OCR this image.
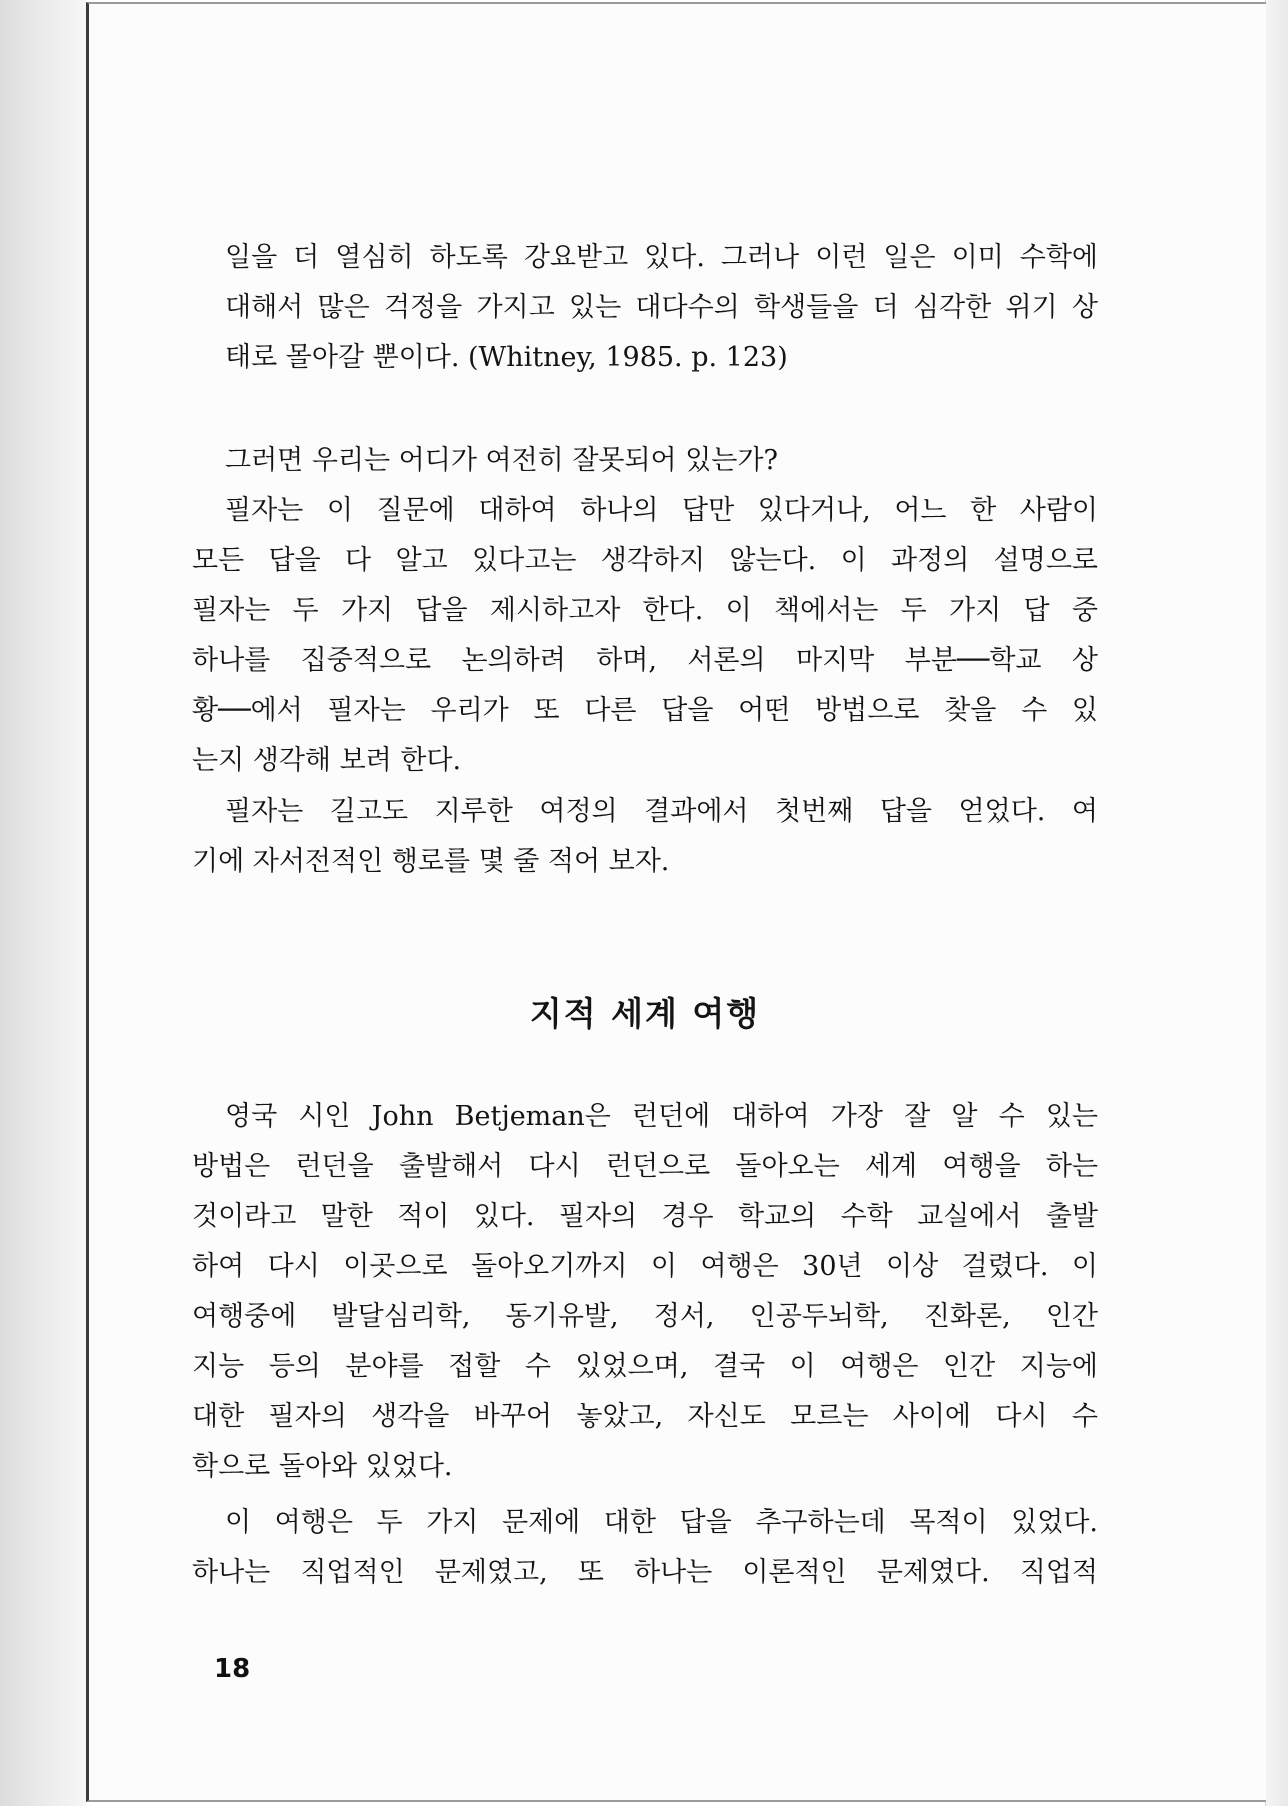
일을 더 열심히 하도록 강요받고 있다. 그러나 이런 일은 이미 수학에

대해서 많은 걱정을 가지고 있는 대다수의 학생들을 더 심각한 위기 상

태로 몰아갈 뿐이다. (Whitney, 1985. p. 123)

그러면 우리는 어디가 여전히 잘못되어 있는가?

필자는 이 질문에 대하여 하나의 답만 있다거나, 어느 한 사람이

모든 답을 다 알고 있다고는 생각하지 않는다. 이 과정의 설명으로

필자는 두 가지 답을 제시하고자 한다. 이 책에서는 두 가지 답 중

하나를 집중적으로 논의하려 하며, 서론의 마지막 부분──학교 상

황──에서 필자는 우리가 또 다른 답을 어떤 방법으로 찾을 수 있

는지 생각해 보려 한다.

필자는 길고도 지루한 여정의 결과에서 첫번째 답을 얻었다. 여

기에 자서전적인 행로를 몇 줄 적어 보자.

지적 세계 여행

영국 시인 John Betjeman은 런던에 대하여 가장 잘 알 수 있는

방법은 런던을 출발해서 다시 런던으로 돌아오는 세계 여행을 하는

것이라고 말한 적이 있다. 필자의 경우 학교의 수학 교실에서 출발

하여 다시 이곳으로 돌아오기까지 이 여행은 30년 이상 걸렸다. 이

여행중에 발달심리학, 동기유발, 정서, 인공두뇌학, 진화론, 인간

지능 등의 분야를 접할 수 있었으며, 결국 이 여행은 인간 지능에

대한 필자의 생각을 바꾸어 놓았고, 자신도 모르는 사이에 다시 수

학으로 돌아와 있었다.

이 여행은 두 가지 문제에 대한 답을 추구하는데 목적이 있었다.

하나는 직업적인 문제였고, 또 하나는 이론적인 문제였다. 직업적

18
